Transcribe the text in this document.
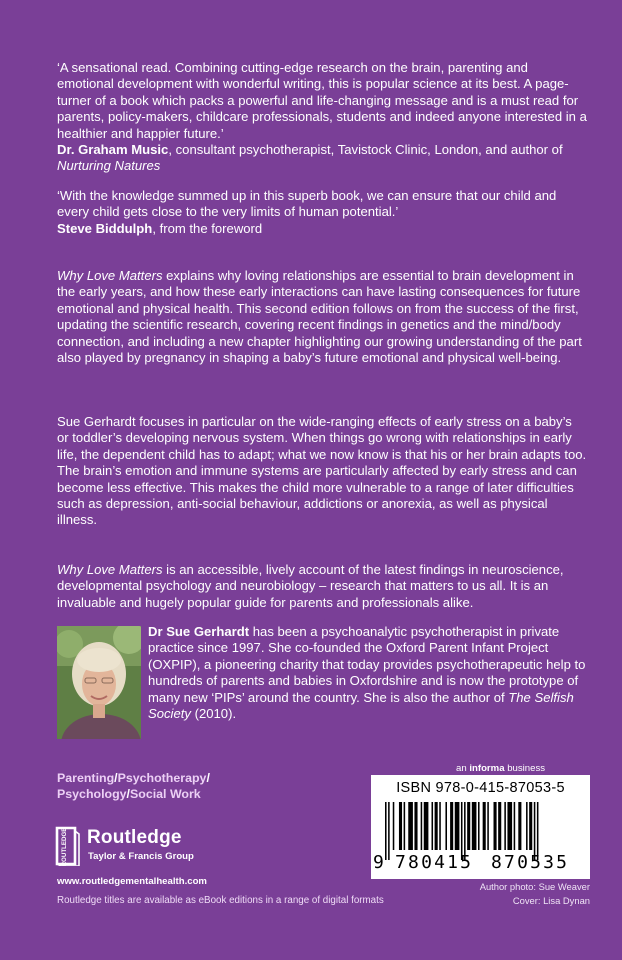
‘A sensational read. Combining cutting-edge research on the brain, parenting and emotional development with wonderful writing, this is popular science at its best. A page-turner of a book which packs a powerful and life-changing message and is a must read for parents, policy-makers, childcare professionals, students and indeed anyone interested in a healthier and happier future.’

Dr. Graham Music, consultant psychotherapist, Tavistock Clinic, London, and author of Nurturing Natures

‘With the knowledge summed up in this superb book, we can ensure that our child and every child gets close to the very limits of human potential.’

Steve Biddulph, from the foreword

Why Love Matters explains why loving relationships are essential to brain development in the early years, and how these early interactions can have lasting consequences for future emotional and physical health. This second edition follows on from the success of the first, updating the scientific research, covering recent findings in genetics and the mind/body connection, and including a new chapter highlighting our growing understanding of the part also played by pregnancy in shaping a baby’s future emotional and physical well-being.

Sue Gerhardt focuses in particular on the wide-ranging effects of early stress on a baby’s or toddler’s developing nervous system. When things go wrong with relationships in early life, the dependent child has to adapt; what we now know is that his or her brain adapts too. The brain’s emotion and immune systems are particularly affected by early stress and can become less effective. This makes the child more vulnerable to a range of later difficulties such as depression, anti-social behaviour, addictions or anorexia, as well as physical illness.

Why Love Matters is an accessible, lively account of the latest findings in neuroscience, developmental psychology and neurobiology – research that matters to us all. It is an invaluable and hugely popular guide for parents and professionals alike.

Dr Sue Gerhardt has been a psychoanalytic psychotherapist in private practice since 1997. She co-founded the Oxford Parent Infant Project (OXPIP), a pioneering charity that today provides psychotherapeutic help to hundreds of parents and babies in Oxfordshire and is now the prototype of many new ‘PIPs’ around the country. She is also the author of The Selfish Society (2010).
Parenting/Psychotherapy/
Psychology/Social Work
ROUTLEDGE Routledge
Taylor & Francis Group
www.routledgementalhealth.com
Routledge titles are available as eBook editions in a range of digital formats
an informa business
ISBN 978-0-415-87053-5
9 780415 870535
Author photo: Sue Weaver
Cover: Lisa Dynan
